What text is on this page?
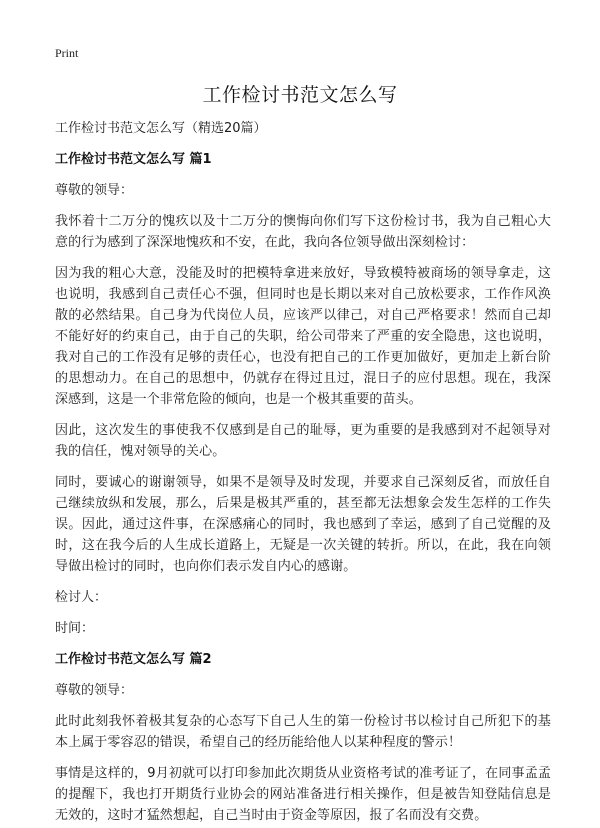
Print
工作检讨书范文怎么写
工作检讨书范文怎么写（精选20篇）
工作检讨书范文怎么写 篇1
尊敬的领导：
我怀着十二万分的愧疚以及十二万分的懊悔向你们写下这份检讨书，我为自己粗心大意的行为感到了深深地愧疚和不安，在此，我向各位领导做出深刻检讨：
因为我的粗心大意，没能及时的把模特拿进来放好，导致模特被商场的领导拿走，这也说明，我感到自己责任心不强，但同时也是长期以来对自己放松要求，工作作风涣散的必然结果。自己身为代岗位人员，应该严以律己，对自己严格要求！然而自己却不能好好的约束自己，由于自己的失职，给公司带来了严重的安全隐患，这也说明，我对自己的工作没有足够的责任心，也没有把自己的工作更加做好，更加走上新台阶的思想动力。在自己的思想中，仍就存在得过且过，混日子的应付思想。现在，我深深感到，这是一个非常危险的倾向，也是一个极其重要的苗头。
因此，这次发生的事使我不仅感到是自己的耻辱，更为重要的是我感到对不起领导对我的信任，愧对领导的关心。
同时，要诚心的谢谢领导，如果不是领导及时发现，并要求自己深刻反省，而放任自己继续放纵和发展，那么，后果是极其严重的，甚至都无法想象会发生怎样的工作失误。因此，通过这件事，在深感痛心的同时，我也感到了幸运，感到了自己觉醒的及时，这在我今后的人生成长道路上，无疑是一次关键的转折。所以，在此，我在向领导做出检讨的同时，也向你们表示发自内心的感谢。
检讨人：
时间：
工作检讨书范文怎么写 篇2
尊敬的领导：
此时此刻我怀着极其复杂的心态写下自己人生的第一份检讨书以检讨自己所犯下的基本上属于零容忍的错误，希望自己的经历能给他人以某种程度的警示！
事情是这样的，9月初就可以打印参加此次期货从业资格考试的准考证了，在同事孟孟的提醒下，我也打开期货行业协会的网站准备进行相关操作，但是被告知登陆信息是无效的，这时才猛然想起，自己当时由于资金等原因，报了名而没有交费。
